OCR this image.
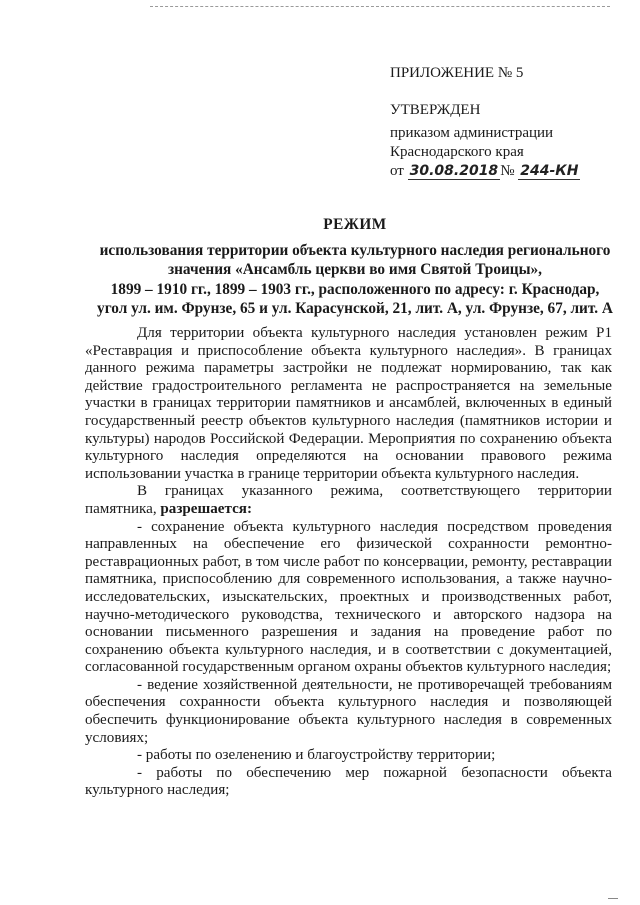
ПРИЛОЖЕНИЕ № 5
УТВЕРЖДЕН
приказом администрации
Краснодарского края
от 30.08.2018 № 244-КН
РЕЖИМ
использования территории объекта культурного наследия регионального
значения «Ансамбль церкви во имя Святой Троицы»,
1899 – 1910 гг., 1899 – 1903 гг., расположенного по адресу: г. Краснодар,
угол ул. им. Фрунзе, 65 и ул. Карасунской, 21, лит. А, ул. Фрунзе, 67, лит. А

Для территории объекта культурного наследия установлен режим Р1 «Реставрация и приспособление объекта культурного наследия». В границах данного режима параметры застройки не подлежат нормированию, так как действие градостроительного регламента не распространяется на земельные участки в границах территории памятников и ансамблей, включенных в единый государственный реестр объектов культурного наследия (памятников истории и культуры) народов Российской Федерации. Мероприятия по сохранению объекта культурного наследия определяются на основании правового режима использовании участка в границе территории объекта культурного наследия.

В границах указанного режима, соответствующего территории памятника, разрешается:

- сохранение объекта культурного наследия посредством проведения направленных на обеспечение его физической сохранности ремонтно-реставрационных работ, в том числе работ по консервации, ремонту, реставрации памятника, приспособлению для современного использования, а также научно-исследовательских, изыскательских, проектных и производственных работ, научно-методического руководства, технического и авторского надзора на основании письменного разрешения и задания на проведение работ по сохранению объекта культурного наследия, и в соответствии с документацией, согласованной государственным органом охраны объектов культурного наследия;

- ведение хозяйственной деятельности, не противоречащей требованиям обеспечения сохранности объекта культурного наследия и позволяющей обеспечить функционирование объекта культурного наследия в современных условиях;

- работы по озеленению и благоустройству территории;

- работы по обеспечению мер пожарной безопасности объекта культурного наследия;
